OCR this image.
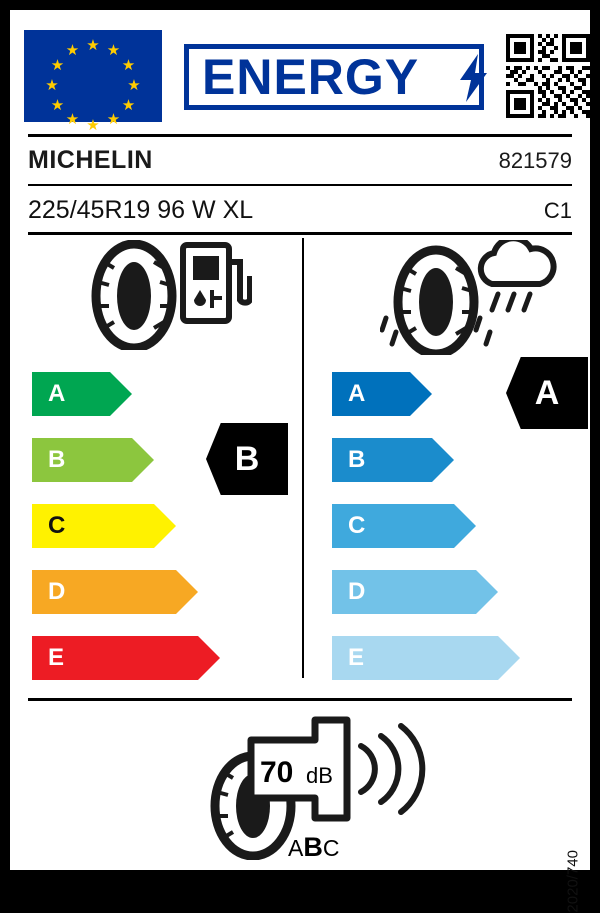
★ ★
★
★
★
★
★
★
★
★
★
★ ENERGY
MICHELIN	821579
225/45R19 96 W XL	C1
A
B
C
D
E
B
A
B
C
D
E
A
70 dB
ABC
2020/740
